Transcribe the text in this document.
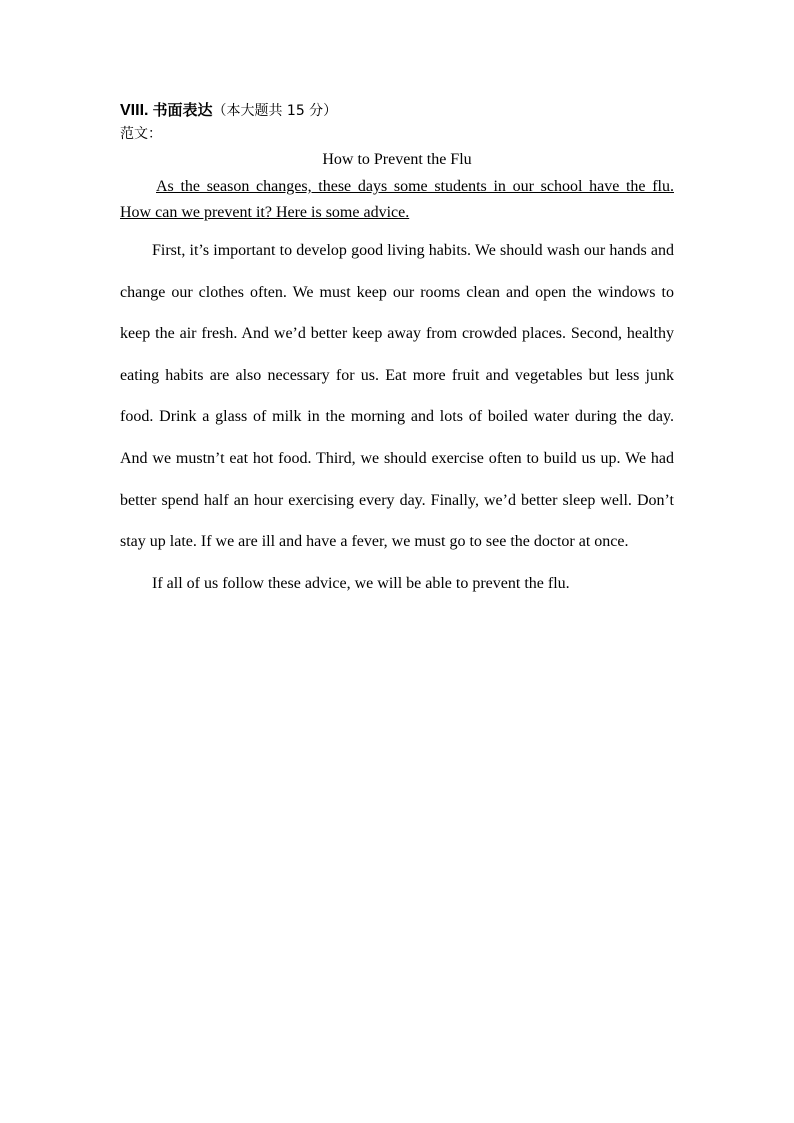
VIII. 书面表达（本大题共 15 分）
范文：
How to Prevent the Flu

As the season changes, these days some students in our school have the flu. How can we prevent it? Here is some advice.

First, it’s important to develop good living habits. We should wash our hands and change our clothes often. We must keep our rooms clean and open the windows to keep the air fresh. And we’d better keep away from crowded places. Second, healthy eating habits are also necessary for us. Eat more fruit and vegetables but less junk food. Drink a glass of milk in the morning and lots of boiled water during the day. And we mustn’t eat hot food. Third, we should exercise often to build us up. We had better spend half an hour exercising every day. Finally, we’d better sleep well. Don’t stay up late. If we are ill and have a fever, we must go to see the doctor at once.

If all of us follow these advice, we will be able to prevent the flu.
